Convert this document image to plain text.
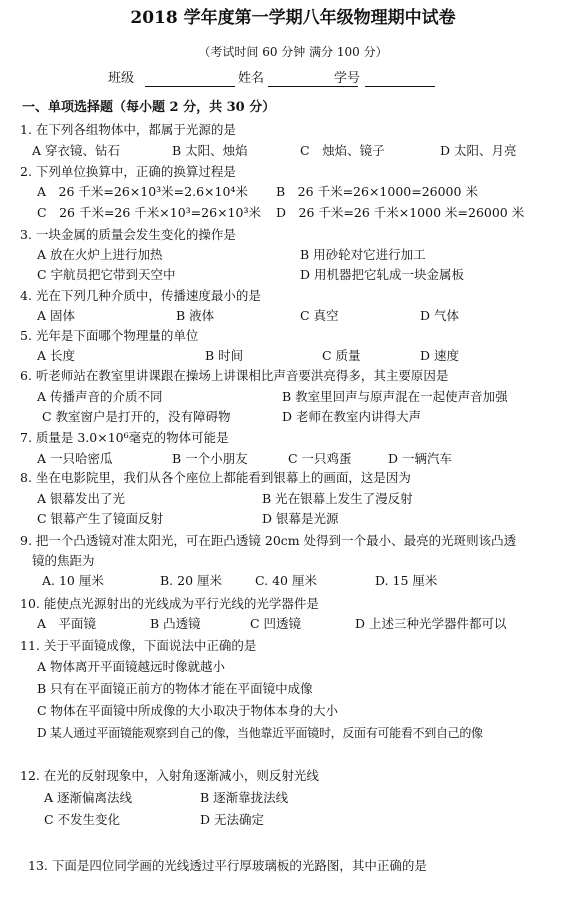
2018 学年度第一学期八年级物理期中试卷
（考试时间 60 分钟 满分 100 分）
班级	姓名	学号
一、单项选择题（每小题 2 分，共 30 分）
1. 在下列各组物体中，都属于光源的是
A 穿衣镜、钻石	B 太阳、烛焰	C　烛焰、镜子	D 太阳、月亮
2. 下列单位换算中，正确的换算过程是
A　26 千米=26×10³米=2.6×10⁴米 B　26 千米=26×1000=26000 米
C　26 千米=26 千米×10³=26×10³米 D　26 千米=26 千米×1000 米=26000 米
3. 一块金属的质量会发生变化的操作是
A 放在火炉上进行加热	B 用砂轮对它进行加工
C 宇航员把它带到天空中	D 用机器把它轧成一块金属板
4. 光在下列几种介质中，传播速度最小的是
A 固体	B 液体	C 真空	D 气体
5. 光年是下面哪个物理量的单位
A 长度	B 时间	C 质量	D 速度
6. 听老师站在教室里讲课跟在操场上讲课相比声音要洪亮得多，其主要原因是
A 传播声音的介质不同	B 教室里回声与原声混在一起使声音加强
C 教室窗户是打开的，没有障碍物	D 老师在教室内讲得大声
7. 质量是 3.0×10⁶毫克的物体可能是
A 一只哈密瓜	B 一个小朋友	C 一只鸡蛋	D 一辆汽车
8. 坐在电影院里，我们从各个座位上都能看到银幕上的画面，这是因为
A 银幕发出了光	B 光在银幕上发生了漫反射
C 银幕产生了镜面反射	D 银幕是光源
9. 把一个凸透镜对准太阳光，可在距凸透镜 20cm 处得到一个最小、最亮的光斑则该凸透
镜的焦距为
A. 10 厘米	B. 20 厘米	C. 40 厘米	D. 15 厘米
10. 能使点光源射出的光线成为平行光线的光学器件是
A　平面镜	B 凸透镜	C 凹透镜	D 上述三种光学器件都可以
11. 关于平面镜成像，下面说法中正确的是
A 物体离开平面镜越远时像就越小
B 只有在平面镜正前方的物体才能在平面镜中成像
C 物体在平面镜中所成像的大小取决于物体本身的大小
D 某人通过平面镜能观察到自己的像，当他靠近平面镜时，反面有可能看不到自己的像
12. 在光的反射现象中，入射角逐渐减小，则反射光线
A 逐渐偏离法线	B 逐渐靠拢法线
C 不发生变化	D 无法确定
13. 下面是四位同学画的光线透过平行厚玻璃板的光路图，其中正确的是
